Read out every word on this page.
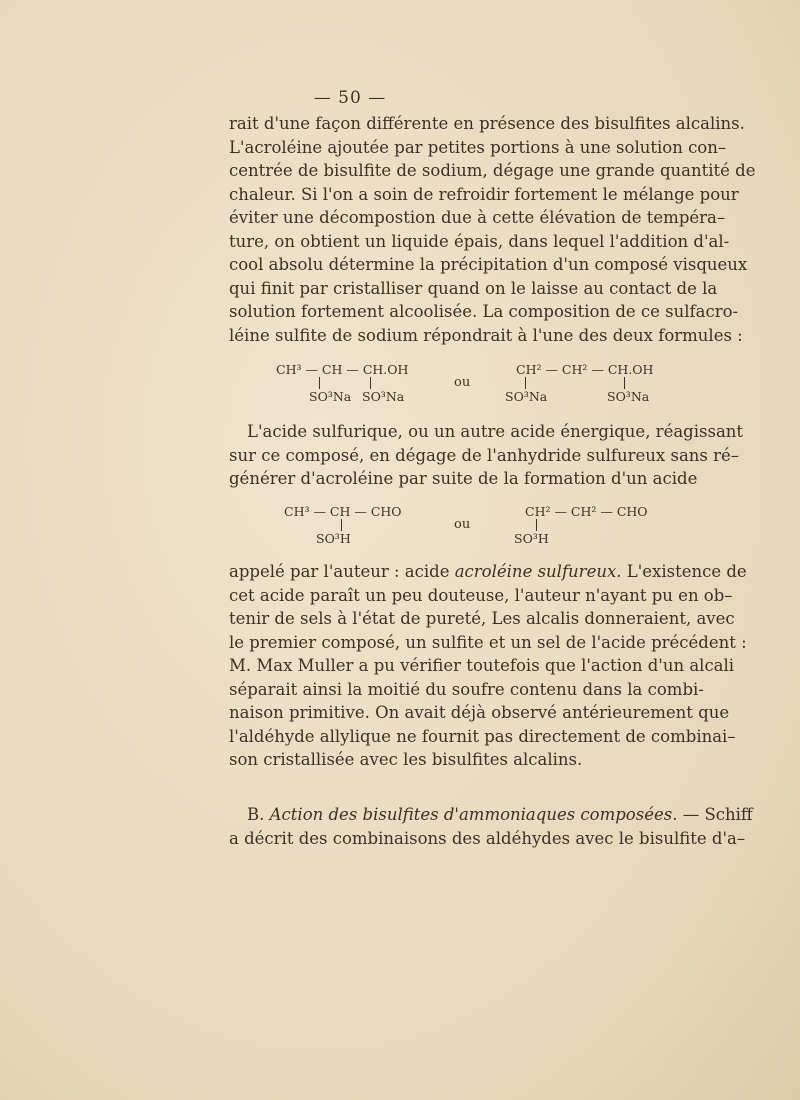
— 50 —
rait d'une façon différente en présence des bisulfites alcalins.
L'acroléine ajoutée par petites portions à une solution con–
centrée de bisulfite de sodium, dégage une grande quantité de
chaleur. Si l'on a soin de refroidir fortement le mélange pour
éviter une décompostion due à cette élévation de tempéra–
ture, on obtient un liquide épais, dans lequel l'addition d'al-
cool absolu détermine la précipitation d'un composé visqueux
qui finit par cristalliser quand on le laisse au contact de la
solution fortement alcoolisée. La composition de ce sulfacro-
léine sulfite de sodium répondrait à l'une des deux formules :
CH³ — CH — CH.OH
SO³Na SO³Na
ou
CH² — CH² — CH.OH
SO³Na	SO³Na
L'acide sulfurique, ou un autre acide énergique, réagissant
sur ce composé, en dégage de l'anhydride sulfureux sans ré–
générer d'acroléine par suite de la formation d'un acide
CH³ — CH — CHO
SO³H
ou
CH² — CH² — CHO
SO³H
appelé par l'auteur : acide acroléine sulfureux. L'existence de
cet acide paraît un peu douteuse, l'auteur n'ayant pu en ob–
tenir de sels à l'état de pureté, Les alcalis donneraient, avec
le premier composé, un sulfite et un sel de l'acide précédent :
M. Max Muller a pu vérifier toutefois que l'action d'un alcali
séparait ainsi la moitié du soufre contenu dans la combi-
naison primitive. On avait déjà observé antérieurement que
l'aldéhyde allylique ne fournit pas directement de combinai–
son cristallisée avec les bisulfites alcalins.
B. Action des bisulfites d'ammoniaques composées. — Schiff
a décrit des combinaisons des aldéhydes avec le bisulfite d'a–
